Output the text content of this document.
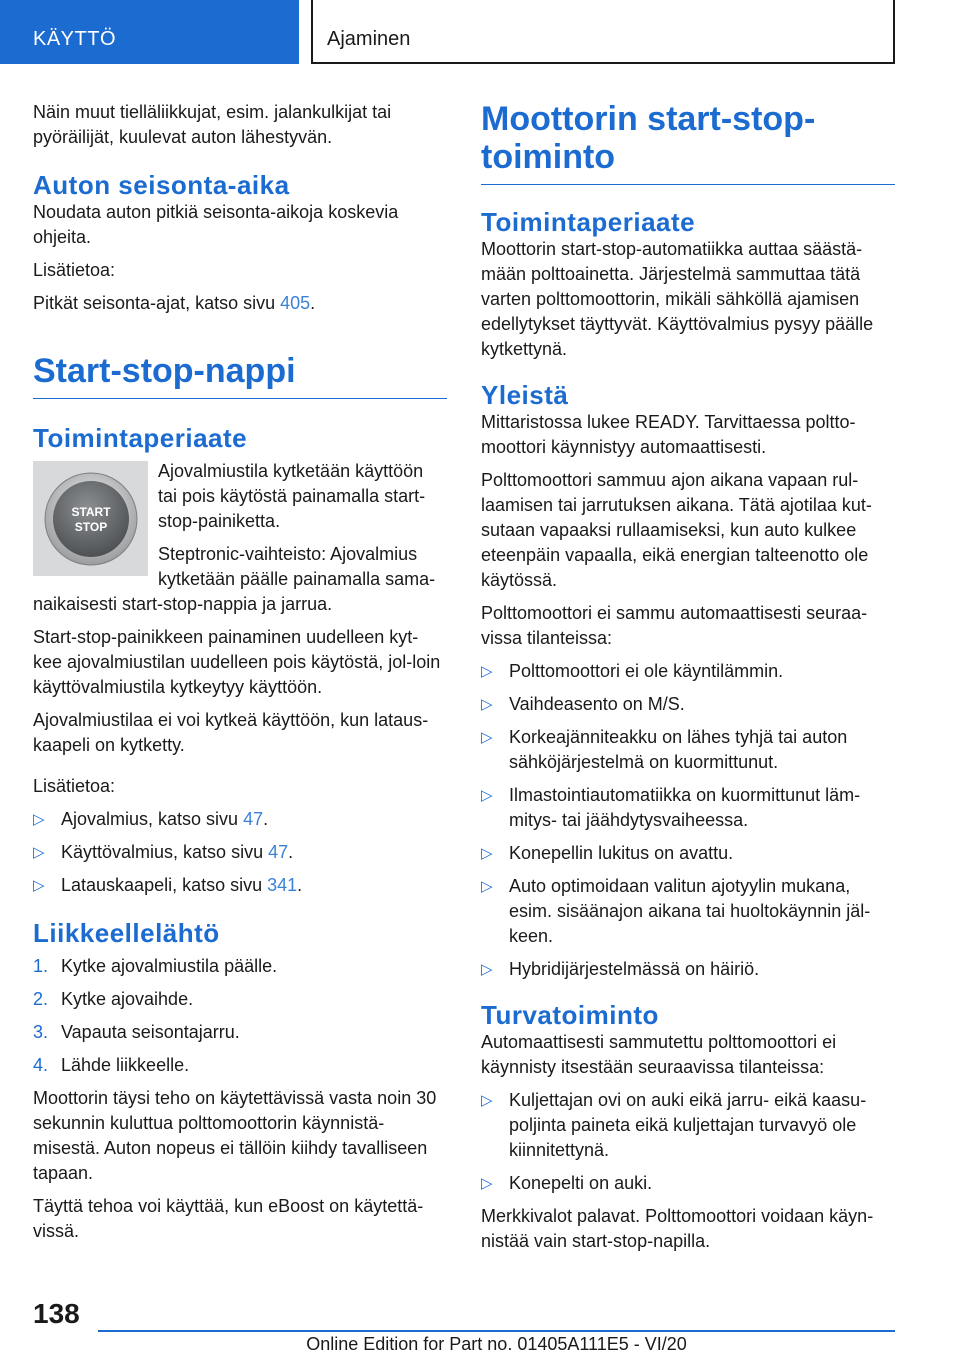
KÄYTTÖ	Ajaminen

Näin muut tielläliikkujat, esim. jalankulkijat tai pyöräilijät, kuulevat auton lähestyvän.

Auton seisonta-aika

Noudata auton pitkiä seisonta-aikoja koskevia ohjeita.

Lisätietoa:

Pitkät seisonta-ajat, katso sivu 405.

Start-stop-nappi
Toimintaperiaate
START
STOP

Ajovalmiustila kytketään käyttöön tai pois käytöstä painamalla start-stop-painiketta.

Steptronic-vaihteisto: Ajovalmius kytketään päälle painamalla sama-naikaisesti start-stop-nappia ja jarrua.

Start-stop-painikkeen painaminen uudelleen kyt-kee ajovalmiustilan uudelleen pois käytöstä, jol-loin käyttövalmiustila kytkeytyy käyttöön.

Ajovalmiustilaa ei voi kytkeä käyttöön, kun lataus-kaapeli on kytketty.

Lisätietoa:

▷ Ajovalmius, katso sivu 47.
▷ Käyttövalmius, katso sivu 47.
▷ Latauskaapeli, katso sivu 341.
Liikkeellelähtö
1. Kytke ajovalmiustila päälle.
2. Kytke ajovaihde.
3. Vapauta seisontajarru.
4. Lähde liikkeelle.

Moottorin täysi teho on käytettävissä vasta noin 30 sekunnin kuluttua polttomoottorin käynnistä-misestä. Auton nopeus ei tällöin kiihdy tavalliseen tapaan.

Täyttä tehoa voi käyttää, kun eBoost on käytettä-vissä.

Moottorin start-stop-toiminto
Toimintaperiaate

Moottorin start-stop-automatiikka auttaa säästä-mään polttoainetta. Järjestelmä sammuttaa tätä varten polttomoottorin, mikäli sähköllä ajamisen edellytykset täyttyvät. Käyttövalmius pysyy päälle kytkettynä.

Yleistä

Mittaristossa lukee READY. Tarvittaessa poltto-moottori käynnistyy automaattisesti.

Polttomoottori sammuu ajon aikana vapaan rul-laamisen tai jarrutuksen aikana. Tätä ajotilaa kut-sutaan vapaaksi rullaamiseksi, kun auto kulkee eteenpäin vapaalla, eikä energian talteenotto ole käytössä.

Polttomoottori ei sammu automaattisesti seuraa-vissa tilanteissa:

▷ Polttomoottori ei ole käyntilämmin.
▷ Vaihdeasento on M/S.
▷ Korkeajänniteakku on lähes tyhjä tai auton sähköjärjestelmä on kuormittunut.
▷ Ilmastointiautomatiikka on kuormittunut läm-mitys- tai jäähdytysvaiheessa.
▷ Konepellin lukitus on avattu.
▷ Auto optimoidaan valitun ajotyylin mukana, esim. sisäänajon aikana tai huoltokäynnin jäl-keen.
▷ Hybridijärjestelmässä on häiriö.
Turvatoiminto

Automaattisesti sammutettu polttomoottori ei käynnisty itsestään seuraavissa tilanteissa:

▷ Kuljettajan ovi on auki eikä jarru- eikä kaasu-poljinta paineta eikä kuljettajan turvavyö ole kiinnitettynä.
▷ Konepelti on auki.

Merkkivalot palavat. Polttomoottori voidaan käyn-nistää vain start-stop-napilla.

138
Online Edition for Part no. 01405A111E5 - VI/20
